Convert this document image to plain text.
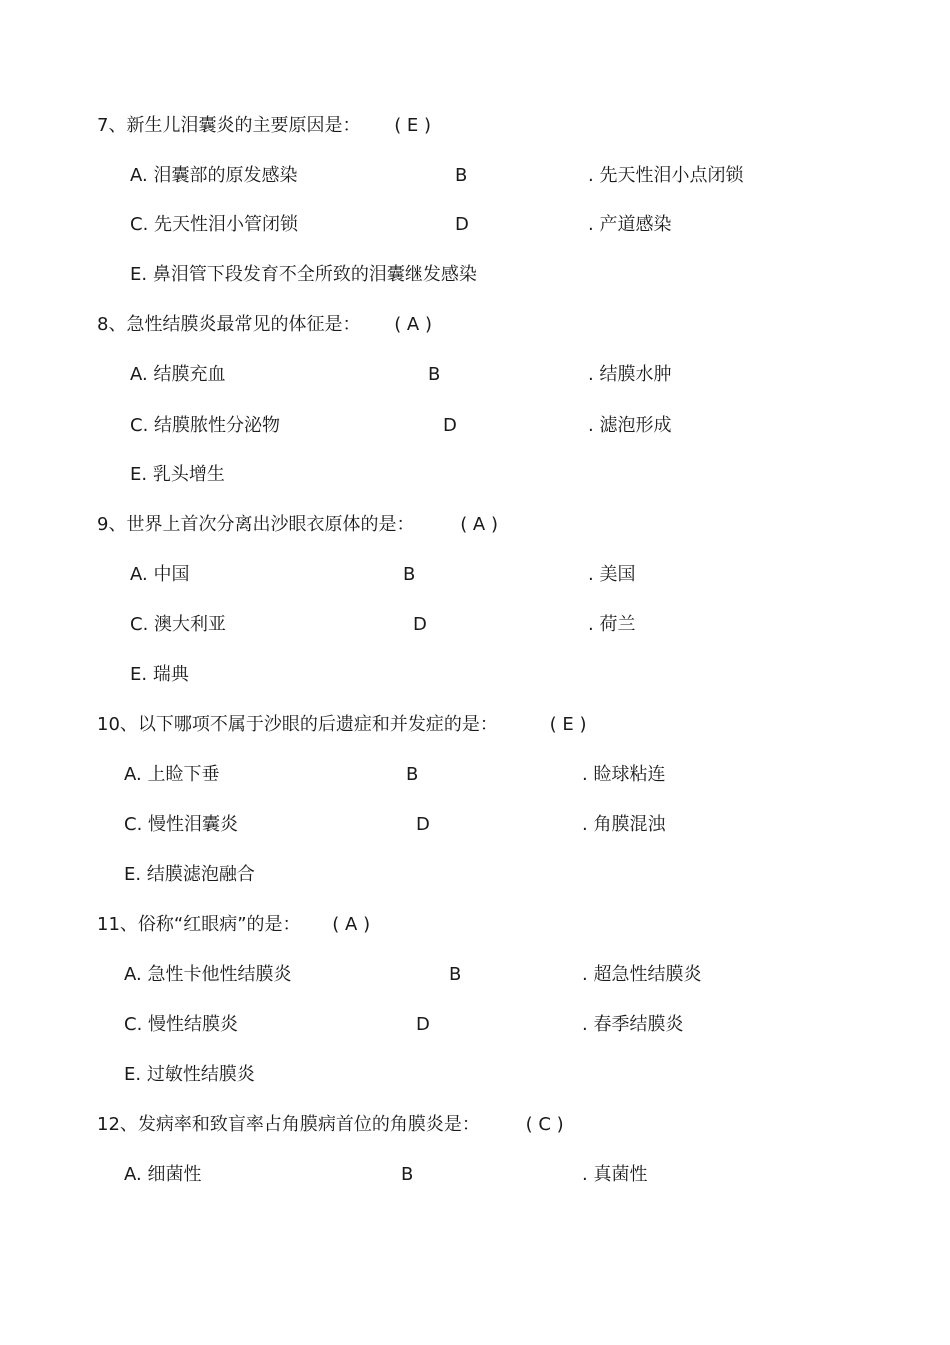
7、新生儿泪囊炎的主要原因是： ( E )
A. 泪囊部的原发感染	B	. 先天性泪小点闭锁
C. 先天性泪小管闭锁	D	. 产道感染
E. 鼻泪管下段发育不全所致的泪囊继发感染
8、急性结膜炎最常见的体征是： ( A )
A. 结膜充血	B	. 结膜水肿
C. 结膜脓性分泌物	D	. 滤泡形成
E. 乳头增生
9、世界上首次分离出沙眼衣原体的是：	( A )
A. 中国	B	. 美国
C. 澳大利亚	D	. 荷兰
E. 瑞典
10、以下哪项不属于沙眼的后遗症和并发症的是：	( E )
A. 上睑下垂	B	. 睑球粘连
C. 慢性泪囊炎	D	. 角膜混浊
E. 结膜滤泡融合
11、俗称“红眼病”的是： ( A )
A. 急性卡他性结膜炎	B	. 超急性结膜炎
C. 慢性结膜炎	D	. 春季结膜炎
E. 过敏性结膜炎
12、发病率和致盲率占角膜病首位的角膜炎是：	( C )
A. 细菌性	B	. 真菌性
